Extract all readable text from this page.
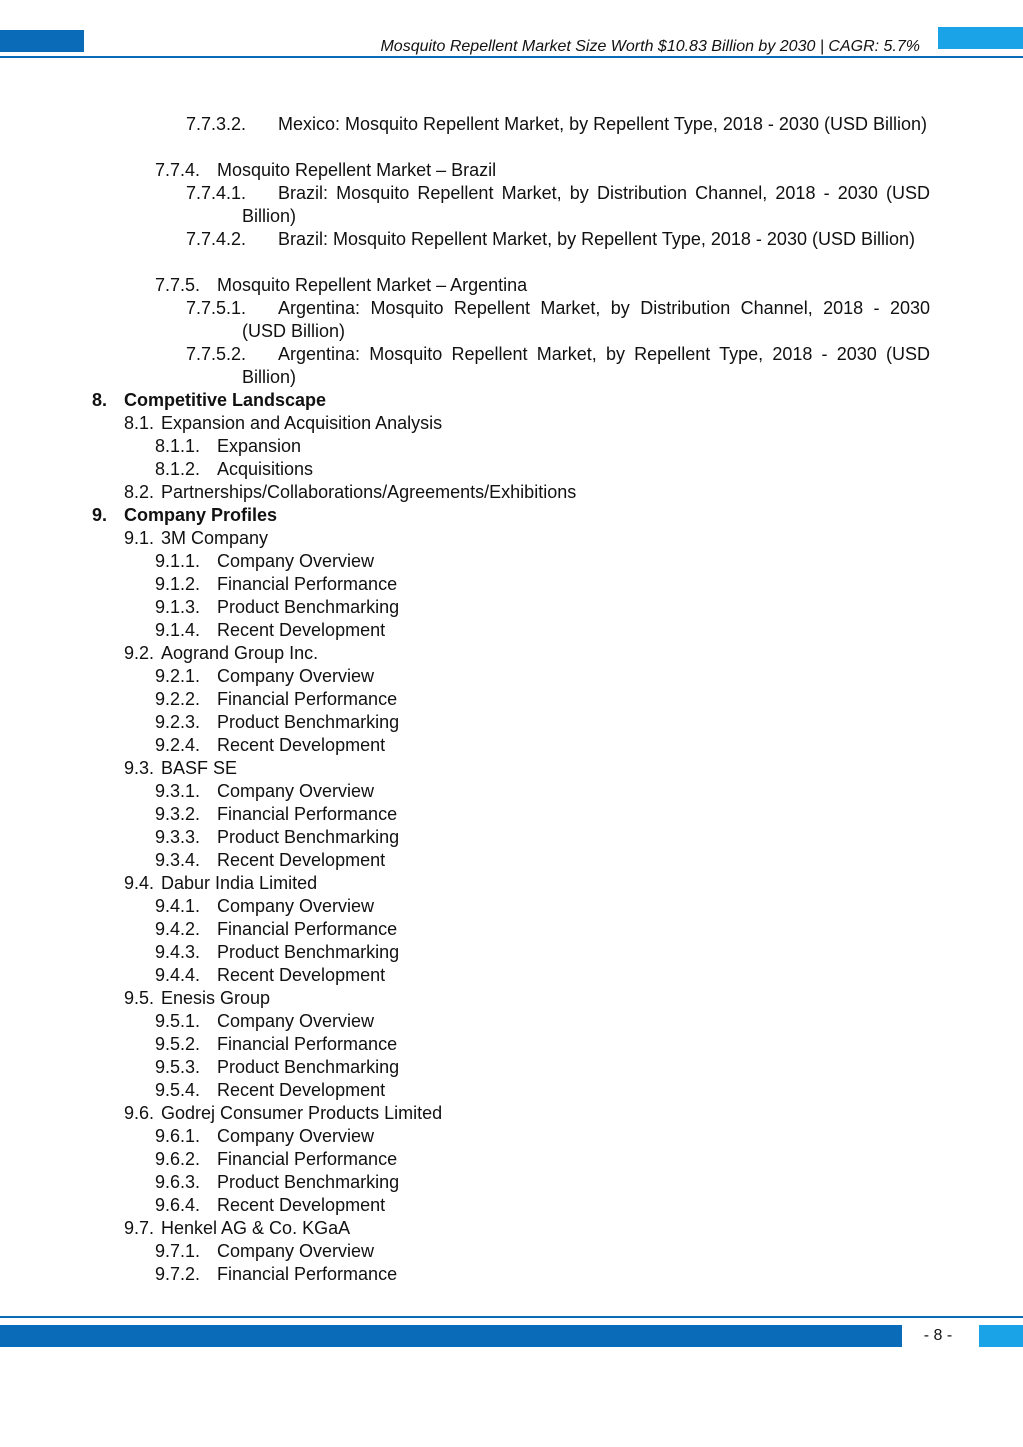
Mosquito Repellent Market Size Worth $10.83 Billion by 2030 | CAGR: 5.7%
7.7.3.2.	Mexico: Mosquito Repellent Market, by Repellent Type, 2018 - 2030 (USD Billion)
7.7.4. Mosquito Repellent Market – Brazil
7.7.4.1.	Brazil: Mosquito Repellent Market, by Distribution Channel, 2018 - 2030 (USD Billion)
7.7.4.2.	Brazil: Mosquito Repellent Market, by Repellent Type, 2018 - 2030 (USD Billion)
7.7.5. Mosquito Repellent Market – Argentina
7.7.5.1.	Argentina: Mosquito Repellent Market, by Distribution Channel, 2018 - 2030 (USD Billion)
7.7.5.2.	Argentina: Mosquito Repellent Market, by Repellent Type, 2018 - 2030 (USD Billion)
8. Competitive Landscape
8.1. Expansion and Acquisition Analysis
8.1.1. Expansion
8.1.2. Acquisitions
8.2. Partnerships/Collaborations/Agreements/Exhibitions
9. Company Profiles
9.1. 3M Company
9.1.1. Company Overview
9.1.2. Financial Performance
9.1.3. Product Benchmarking
9.1.4. Recent Development
9.2. Aogrand Group Inc.
9.2.1. Company Overview
9.2.2. Financial Performance
9.2.3. Product Benchmarking
9.2.4. Recent Development
9.3. BASF SE
9.3.1. Company Overview
9.3.2. Financial Performance
9.3.3. Product Benchmarking
9.3.4. Recent Development
9.4. Dabur India Limited
9.4.1. Company Overview
9.4.2. Financial Performance
9.4.3. Product Benchmarking
9.4.4. Recent Development
9.5. Enesis Group
9.5.1. Company Overview
9.5.2. Financial Performance
9.5.3. Product Benchmarking
9.5.4. Recent Development
9.6. Godrej Consumer Products Limited
9.6.1. Company Overview
9.6.2. Financial Performance
9.6.3. Product Benchmarking
9.6.4. Recent Development
9.7. Henkel AG & Co. KGaA
9.7.1. Company Overview
9.7.2. Financial Performance
- 8 -
